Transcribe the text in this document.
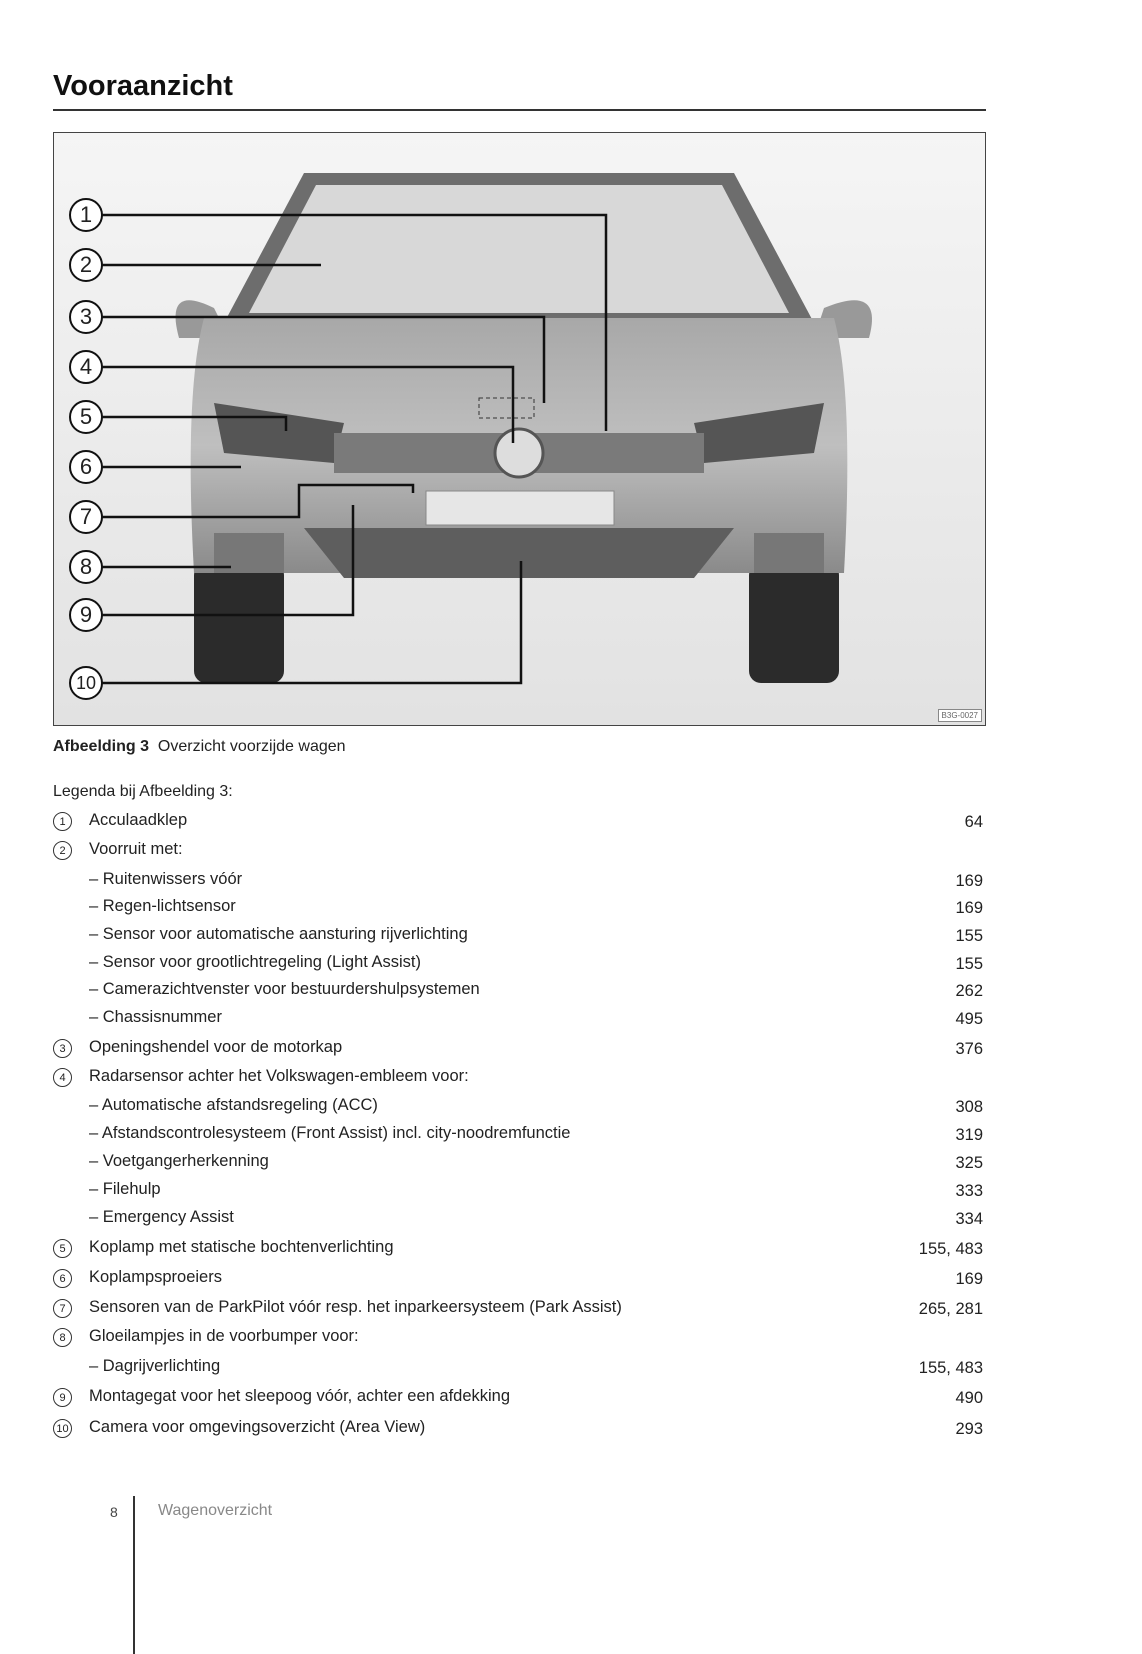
Vooraanzicht
1
2
3
4
5
6
7
8
9
10
B3G-0027
Afbeelding 3 Overzicht voorzijde wagen
Legenda bij Afbeelding 3:
1	Acculaadklep	64
2	Voorruit met:
– Ruitenwissers vóór	169
– Regen-lichtsensor	169
– Sensor voor automatische aansturing rijverlichting	155
– Sensor voor grootlichtregeling (Light Assist)	155
– Camerazichtvenster voor bestuurdershulpsystemen	262
– Chassisnummer	495
3	Openingshendel voor de motorkap	376
4	Radarsensor achter het Volkswagen-embleem voor:
– Automatische afstandsregeling (ACC)	308
– Afstandscontrolesysteem (Front Assist) incl. city-noodremfunctie	319
– Voetgangerherkenning	325
– Filehulp	333
– Emergency Assist	334
5	Koplamp met statische bochtenverlichting	155, 483
6	Koplampsproeiers	169
7	Sensoren van de ParkPilot vóór resp. het inparkeersysteem (Park Assist)	265, 281
8	Gloeilampjes in de voorbumper voor:
– Dagrijverlichting	155, 483
9	Montagegat voor het sleepoog vóór, achter een afdekking	490
10 Camera voor omgevingsoverzicht (Area View)	293
8	Wagenoverzicht
